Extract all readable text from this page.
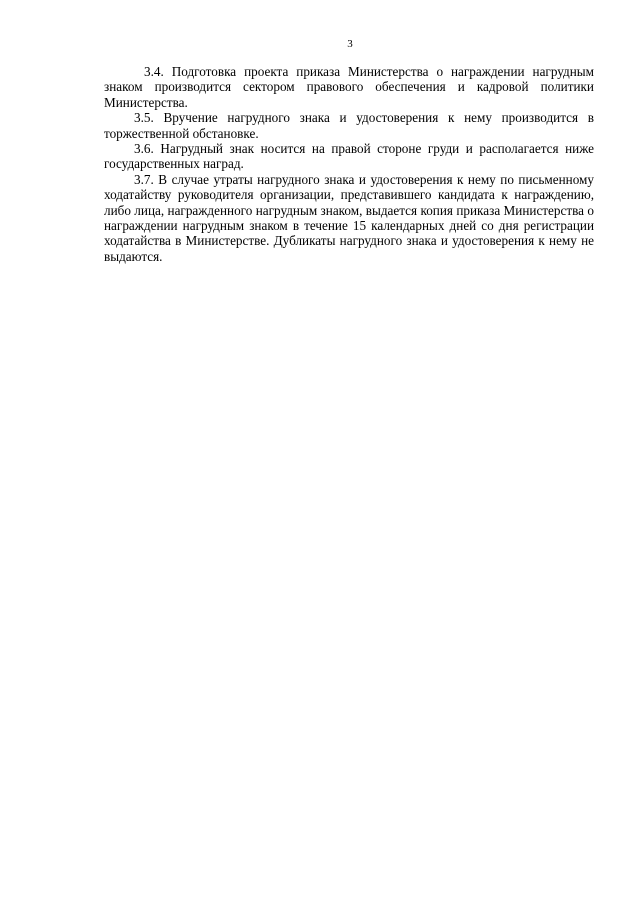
3

3.4. Подготовка проекта приказа Министерства о награждении нагрудным знаком производится сектором правового обеспечения и кадровой политики Министерства.

3.5. Вручение нагрудного знака и удостоверения к нему производится в торжественной обстановке.

3.6. Нагрудный знак носится на правой стороне груди и располагается ниже государственных наград.

3.7. В случае утраты нагрудного знака и удостоверения к нему по письменному ходатайству руководителя организации, представившего кандидата к награждению, либо лица, награжденного нагрудным знаком, выдается копия приказа Министерства о награждении нагрудным знаком в течение 15 календарных дней со дня регистрации ходатайства в Министерстве. Дубликаты нагрудного знака и удостоверения к нему не выдаются.
